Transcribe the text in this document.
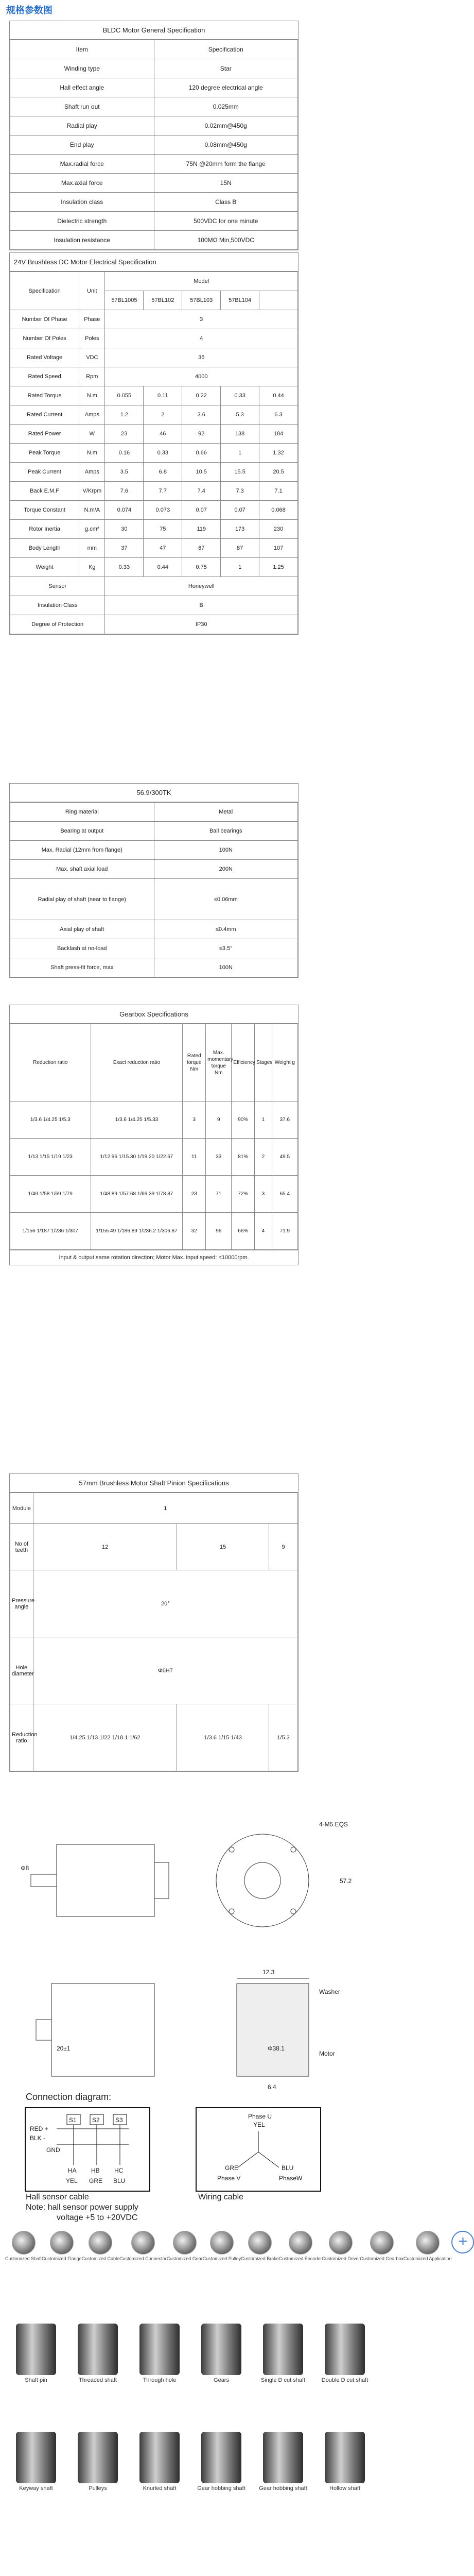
规格参数图
BLDC Motor General Specification
Item	Specification
Winding type	Star
Hall effect angle	120 degree electrical angle
Shaft run out	0.025mm
Radial play	0.02mm@450g
End play	0.08mm@450g
Max.radial force	75N @20mm form the flange
Max.axial force	15N
Insulation class	Class B
Dielectric strength	500VDC for one minute
Insulation resistance	100MΩ Min,500VDC
24V Brushless DC Motor Electrical Specification
Specification	Unit	Model				
		57BL1005	57BL102	57BL103	57BL104	
Number Of Phase	Phase	3				
Number Of Poles	Poles	4				
Rated Voltage	VDC	36				
Rated Speed	Rpm	4000				
Rated Torque	N.m	0.055	0.11	0.22	0.33	0.44
Rated Current	Amps	1.2	2	3.6	5.3	6.3
Rated Power	W	23	46	92	138	184
Peak Torque	N.m	0.16	0.33	0.66	1	1.32
Peak Current	Amps	3.5	6.8	10.5	15.5	20.5
Back E.M.F	V/Krpm	7.6	7.7	7.4	7.3	7.1
Torque Constant	N.m/A	0.074	0.073	0.07	0.07	0.068
Rotor Inertia	g.cm²	30	75	119	173	230
Body Length	mm	37	47	67	87	107
Weight	Kg	0.33	0.44	0.75	1	1.25
Sensor		Honeywell				
Insulation Class		B				
Degree of Protection		IP30				
56.9/300TK
Ring material	Metal
Bearing at output	Ball bearings
Max. Radial (12mm from flange)	100N
Max. shaft axial load	200N
Radial play of shaft (near to flange)	≤0.06mm
Axial play of shaft	≤0.4mm
Backlash at no-load	≤3.5°
Shaft press-fit force, max	100N
Gearbox Specifications
Reduction ratio	Exact reduction ratio	Rated torque Nm	Max. momentary torque Nm	Efficiency	Stages	Weight g
1/3.6 1/4.25 1/5.3	1/3.6 1/4.25 1/5.33	3	9	90%	1	37.6
1/13 1/15 1/19 1/23	1/12.96 1/15.30 1/19.20 1/22.67	11	33	81%	2	49.5
1/49 1/58 1/69 1/79	1/48.89 1/57.68 1/69.39 1/78.87	23	71	72%	3	65.4
1/156 1/187 1/236 1/307	1/155.49 1/186.89 1/236.2 1/306.87	32	96	66%	4	71.9
Input & output same rotation direction; Motor Max. input speed: <10000rpm.
57mm Brushless Motor Shaft Pinion Specifications
Module	1		
No of teeth	12	15	9
Pressure angle	20°		
Hole diameter	Φ6H7		
Reduction ratio	1/4.25 1/13 1/22 1/18.1 1/62	1/3.6 1/15 1/43	1/5.3
4-M5 EQS
57.2
Φ8
12.3
Washer
Motor
6.4
20±1	Φ38.1
Connection diagram:
S1	S2	S3
RED +
BLK -
GND
HA HB HC
YEL GRE BLU
Phase U
YEL
GRE	BLU
Phase V	PhaseW
Hall sensor cable
Note: hall sensor power supply
voltage +5 to +20VDC
Wiring cable
Customized Shaft Customized Flange Customized Cable Customized Connector Customized Gear Customized Pulley Customized Brake Customized Encoder Customized Driver Customized Gearbox Customized Application
+
Shaft pin	Threaded shaft	Through hole	Gears	Single D cut shaft	Double D cut shaft
Keyway shaft	Pulleys	Knurled shaft	Gear hobbing shaft Gear hobbing shaft	Hollow shaft
